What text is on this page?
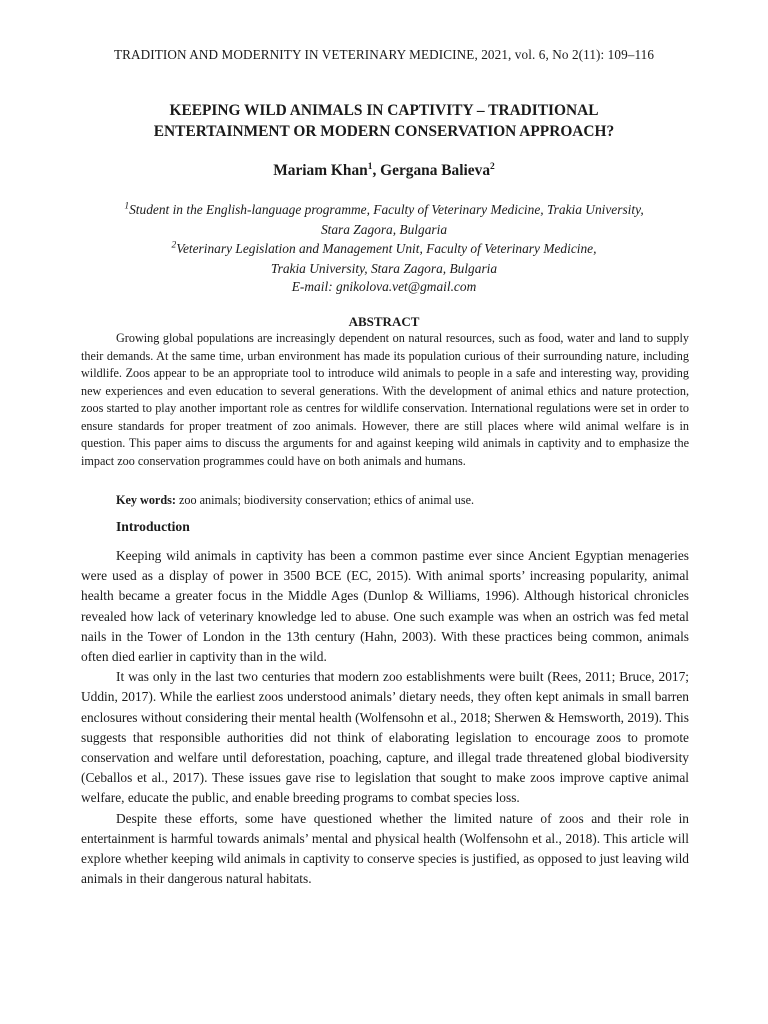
TRADITION AND MODERNITY IN VETERINARY MEDICINE, 2021, vol. 6, No 2(11): 109–116
KEEPING WILD ANIMALS IN CAPTIVITY – TRADITIONAL
ENTERTAINMENT OR MODERN CONSERVATION APPROACH?
Mariam Khan$^1$, Gergana Balieva$^2$
$^1$Student in the English-language programme, Faculty of Veterinary Medicine, Trakia University,
Stara Zagora, Bulgaria
$^2$Veterinary Legislation and Management Unit, Faculty of Veterinary Medicine,
Trakia University, Stara Zagora, Bulgaria
E-mail: gnikolova.vet@gmail.com
ABSTRACT

Growing global populations are increasingly dependent on natural resources, such as food, water and land to supply their demands. At the same time, urban environment has made its population curious of their surrounding nature, including wildlife. Zoos appear to be an appropriate tool to introduce wild animals to people in a safe and interesting way, providing new experiences and even education to several generations. With the development of animal ethics and nature protection, zoos started to play another important role as centres for wildlife conservation. International regulations were set in order to ensure standards for proper treatment of zoo animals. However, there are still places where wild animal welfare is in question. This paper aims to discuss the arguments for and against keeping wild animals in captivity and to emphasize the impact zoo conservation programmes could have on both animals and humans.

Key words: zoo animals; biodiversity conservation; ethics of animal use.
Introduction

Keeping wild animals in captivity has been a common pastime ever since Ancient Egyptian menageries were used as a display of power in 3500 BCE (EC, 2015). With animal sports’ increasing popularity, animal health became a greater focus in the Middle Ages (Dunlop & Williams, 1996). Although historical chronicles revealed how lack of veterinary knowledge led to abuse. One such example was when an ostrich was fed metal nails in the Tower of London in the 13th century (Hahn, 2003). With these practices being common, animals often died earlier in captivity than in the wild.

It was only in the last two centuries that modern zoo establishments were built (Rees, 2011; Bruce, 2017; Uddin, 2017). While the earliest zoos understood animals’ dietary needs, they often kept animals in small barren enclosures without considering their mental health (Wolfensohn et al., 2018; Sherwen & Hemsworth, 2019). This suggests that responsible authorities did not think of elaborating legislation to encourage zoos to promote conservation and welfare until deforestation, poaching, capture, and illegal trade threatened global biodiversity (Ceballos et al., 2017). These issues gave rise to legislation that sought to make zoos improve captive animal welfare, educate the public, and enable breeding programs to combat species loss.

Despite these efforts, some have questioned whether the limited nature of zoos and their role in entertainment is harmful towards animals’ mental and physical health (Wolfensohn et al., 2018). This article will explore whether keeping wild animals in captivity to conserve species is justified, as opposed to just leaving wild animals in their dangerous natural habitats.
